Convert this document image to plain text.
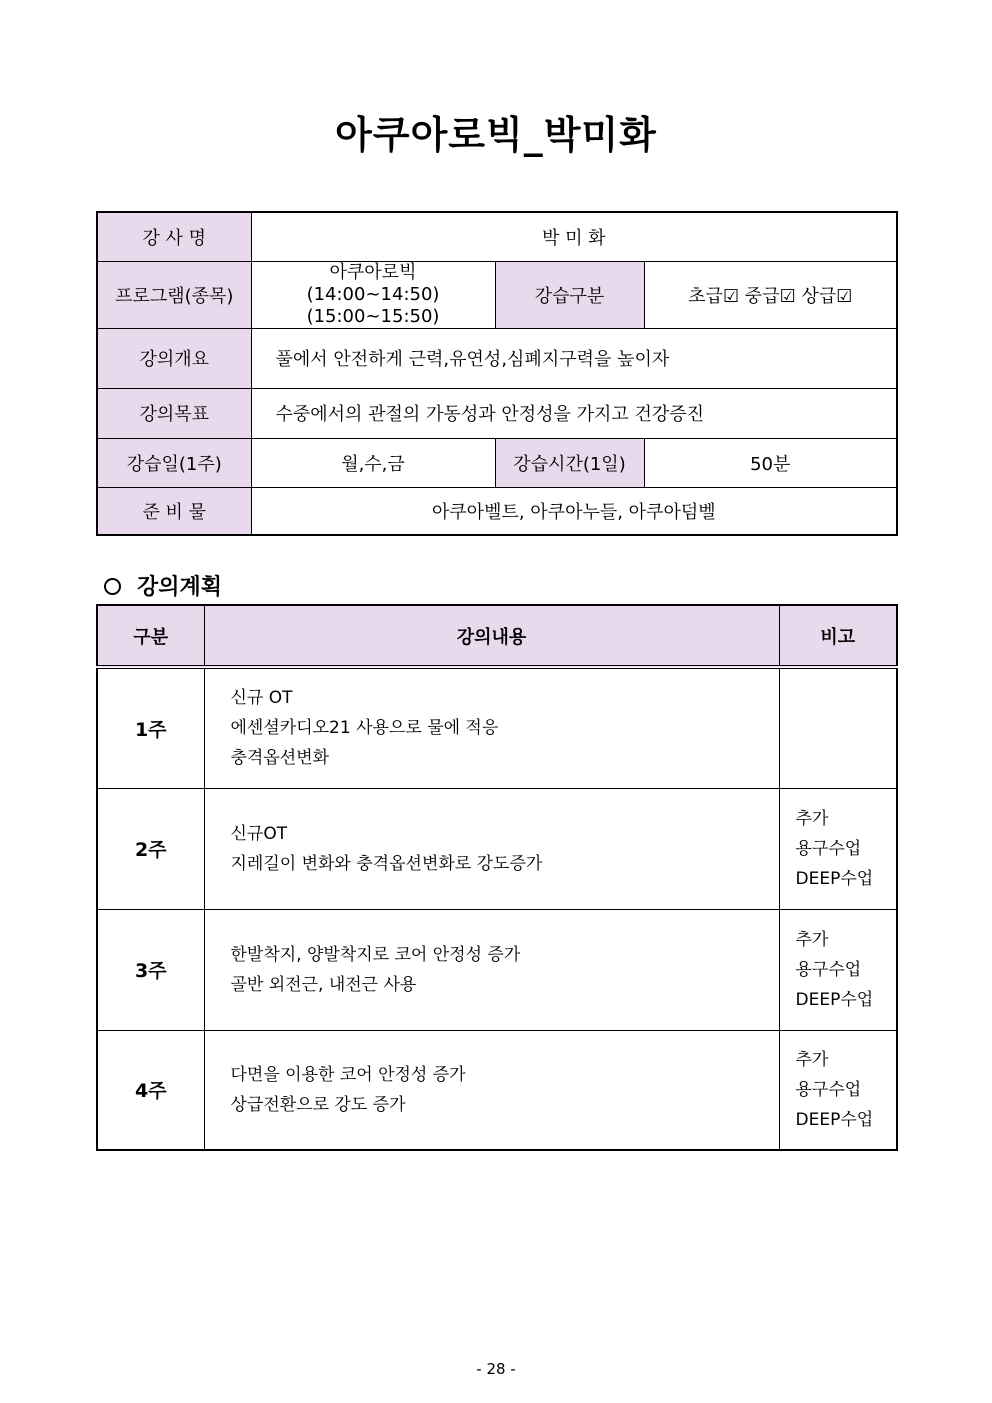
아쿠아로빅_박미화
강 사 명	박 미 화		
프로그램(종목)	아쿠아로빅
(14:00~14:50)
(15:00~15:50)	강습구분	초급☑ 중급☑ 상급☑
강의개요	풀에서 안전하게 근력,유연성,심폐지구력을 높이자		
강의목표	수중에서의 관절의 가동성과 안정성을 가지고 건강증진		
강습일(1주)	월,수,금	강습시간(1일)	50분
준 비 물	아쿠아벨트, 아쿠아누들, 아쿠아덤벨		
강의계획
구분	강의내용	비고
1주	신규 OT
에센셜카디오21 사용으로 물에 적응
충격옵션변화	

2주	신규OT
지레길이 변화와 충격옵션변화로 강도증가	추가
용구수업
DEEP수업

3주	한발착지, 양발착지로 코어 안정성 증가
골반 외전근, 내전근 사용	추가
용구수업
DEEP수업

4주	다면을 이용한 코어 안정성 증가
상급전환으로 강도 증가	추가
용구수업
DEEP수업
- 28 -
